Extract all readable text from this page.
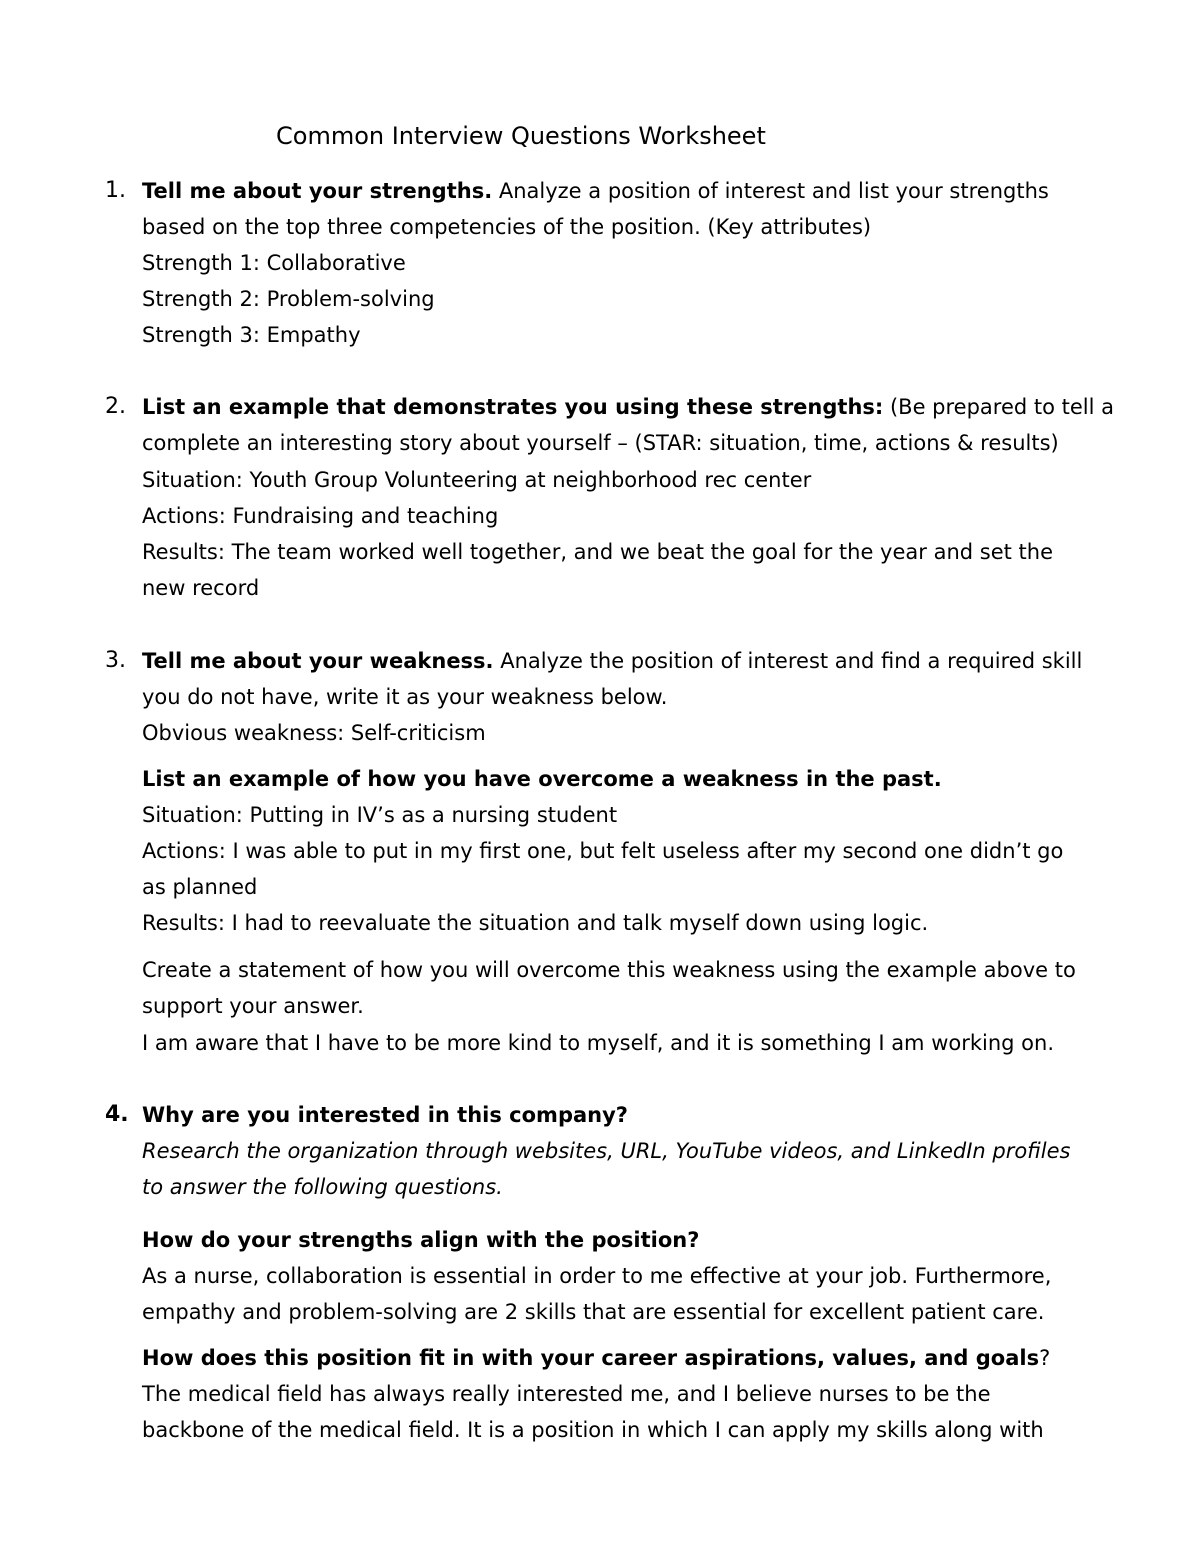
Common Interview Questions Worksheet
1. Tell me about your strengths. Analyze a position of interest and list your strengths
based on the top three competencies of the position. (Key attributes)
Strength 1: Collaborative
Strength 2: Problem-solving
Strength 3: Empathy
2. List an example that demonstrates you using these strengths: (Be prepared to tell a
complete an interesting story about yourself – (STAR: situation, time, actions & results)
Situation: Youth Group Volunteering at neighborhood rec center
Actions: Fundraising and teaching
Results: The team worked well together, and we beat the goal for the year and set the
new record
3. Tell me about your weakness. Analyze the position of interest and find a required skill
you do not have, write it as your weakness below.
Obvious weakness: Self-criticism
List an example of how you have overcome a weakness in the past.
Situation: Putting in IV’s as a nursing student
Actions: I was able to put in my first one, but felt useless after my second one didn’t go
as planned
Results: I had to reevaluate the situation and talk myself down using logic.
Create a statement of how you will overcome this weakness using the example above to
support your answer.
I am aware that I have to be more kind to myself, and it is something I am working on.
4. Why are you interested in this company?
Research the organization through websites, URL, YouTube videos, and LinkedIn profiles
to answer the following questions.
How do your strengths align with the position?
As a nurse, collaboration is essential in order to me effective at your job. Furthermore,
empathy and problem-solving are 2 skills that are essential for excellent patient care.
How does this position fit in with your career aspirations, values, and goals?
The medical field has always really interested me, and I believe nurses to be the
backbone of the medical field. It is a position in which I can apply my skills along with
